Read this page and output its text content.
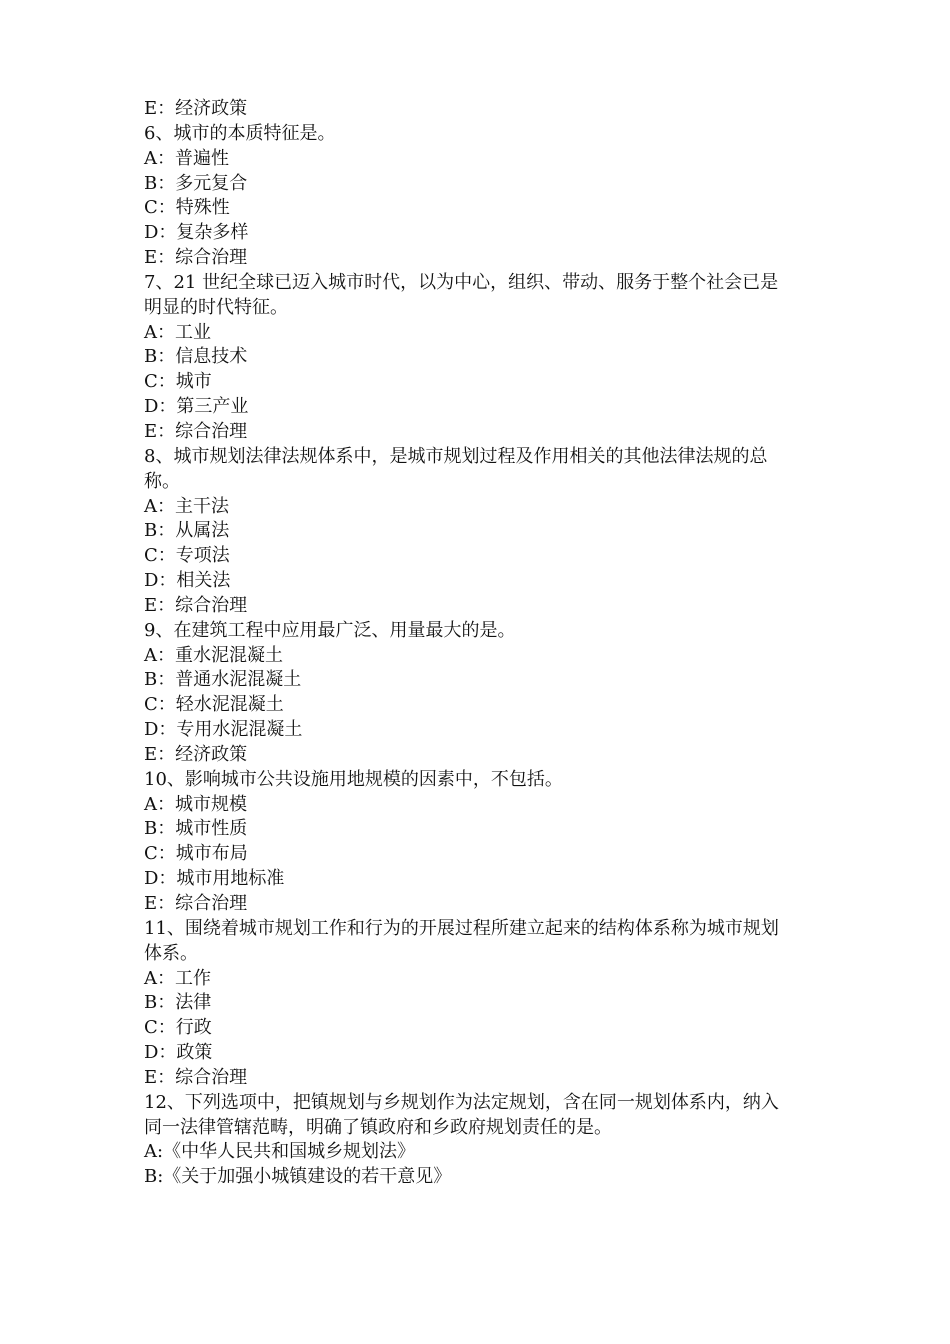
E：经济政策
6、城市的本质特征是。
A：普遍性
B：多元复合
C：特殊性
D：复杂多样
E：综合治理
7、21 世纪全球已迈入城市时代，以为中心，组织、带动、服务于整个社会已是
明显的时代特征。
A：工业
B：信息技术
C：城市
D：第三产业
E：综合治理
8、城市规划法律法规体系中，是城市规划过程及作用相关的其他法律法规的总
称。
A：主干法
B：从属法
C：专项法
D：相关法
E：综合治理
9、在建筑工程中应用最广泛、用量最大的是。
A：重水泥混凝土
B：普通水泥混凝土
C：轻水泥混凝土
D：专用水泥混凝土
E：经济政策
10、影响城市公共设施用地规模的因素中，不包括。
A：城市规模
B：城市性质
C：城市布局
D：城市用地标准
E：综合治理
11、围绕着城市规划工作和行为的开展过程所建立起来的结构体系称为城市规划
体系。
A：工作
B：法律
C：行政
D：政策
E：综合治理
12、下列选项中，把镇规划与乡规划作为法定规划，含在同一规划体系内，纳入
同一法律管辖范畴，明确了镇政府和乡政府规划责任的是。
A:《中华人民共和国城乡规划法》
B:《关于加强小城镇建设的若干意见》
